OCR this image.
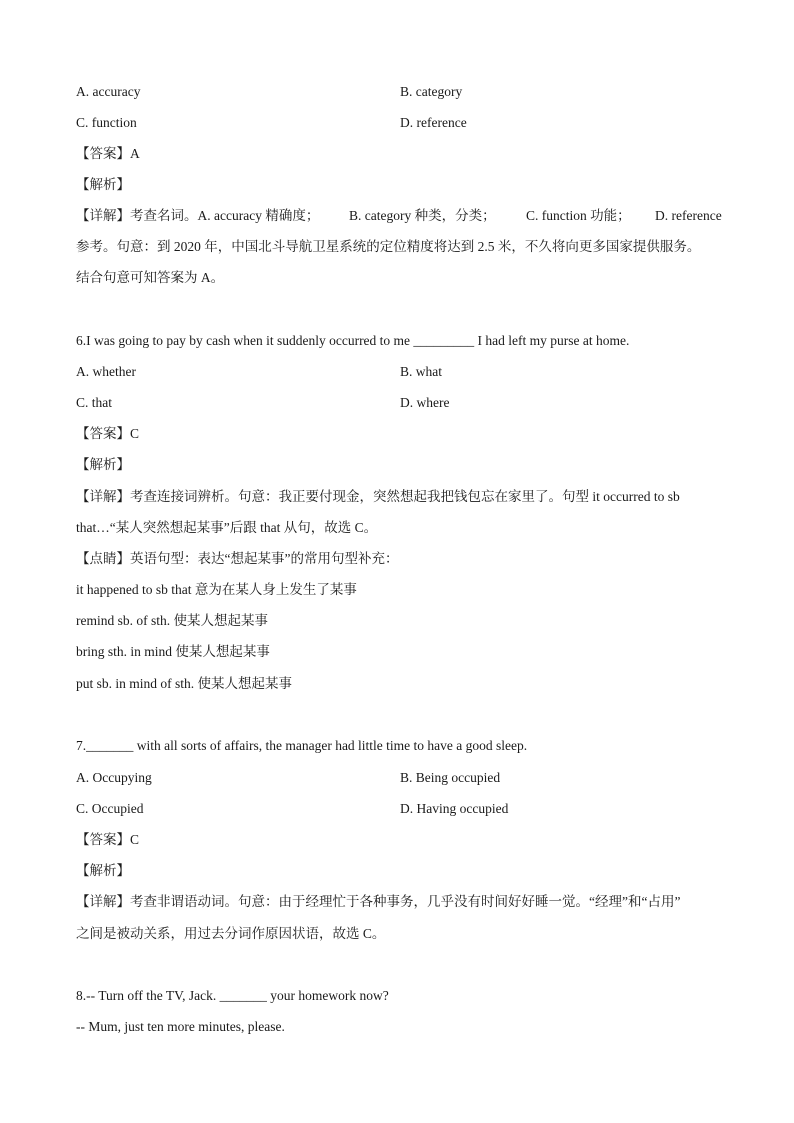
A. accuracy	B. category
C. function	D. reference
【答案】A
【解析】
【详解】考查名词。A. accuracy 精确度； B. category 种类，分类； C. function 功能； D. reference
参考。句意：到 2020 年，中国北斗导航卫星系统的定位精度将达到 2.5 米，不久将向更多国家提供服务。
结合句意可知答案为 A。
6.I was going to pay by cash when it suddenly occurred to me _________ I had left my purse at home.
A. whether	B. what
C. that	D. where
【答案】C
【解析】
【详解】考查连接词辨析。句意：我正要付现金，突然想起我把钱包忘在家里了。句型 it occurred to sb
that…“某人突然想起某事”后跟 that 从句，故选 C。
【点睛】英语句型：表达“想起某事”的常用句型补充：
it happened to sb that 意为在某人身上发生了某事
remind sb. of sth. 使某人想起某事
bring sth. in mind 使某人想起某事
put sb. in mind of sth. 使某人想起某事
7._______ with all sorts of affairs, the manager had little time to have a good sleep.
A. Occupying	B. Being occupied
C. Occupied	D. Having occupied
【答案】C
【解析】
【详解】考查非谓语动词。句意：由于经理忙于各种事务，几乎没有时间好好睡一觉。“经理”和“占用”
之间是被动关系，用过去分词作原因状语，故选 C。
8.-- Turn off the TV, Jack. _______ your homework now?
-- Mum, just ten more minutes, please.
